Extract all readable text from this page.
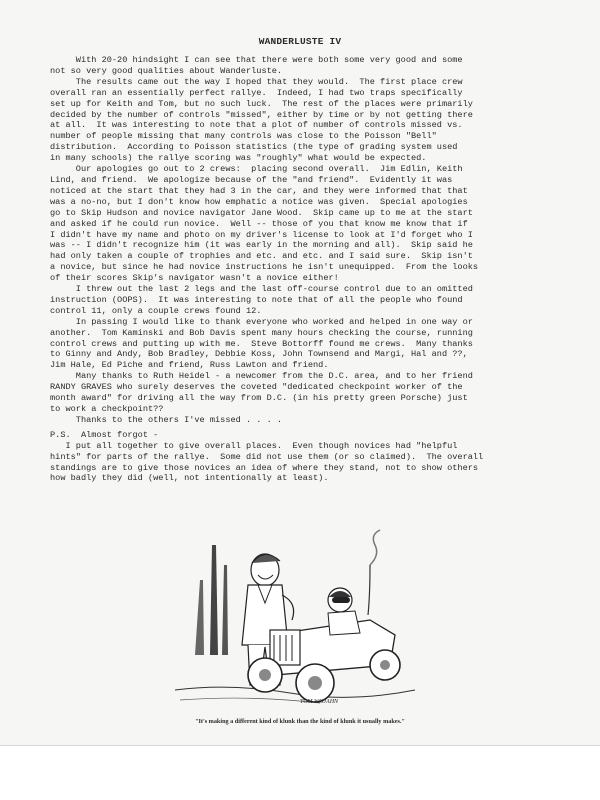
WANDERLUSTE IV
With 20-20 hindsight I can see that there were both some very good and some
not so very good qualities about Wanderluste.
The results came out the way I hoped that they would.  The first place crew
overall ran an essentially perfect rallye.  Indeed, I had two traps specifically
set up for Keith and Tom, but no such luck.  The rest of the places were primarily
decided by the number of controls "missed", either by time or by not getting there
at all.  It was interesting to note that a plot of number of controls missed vs.
number of people missing that many controls was close to the Poisson "Bell"
distribution.  According to Poisson statistics (the type of grading system used
in many schools) the rallye scoring was "roughly" what would be expected.
Our apologies go out to 2 crews:  placing second overall.  Jim Edlin, Keith
Lind, and friend.  We apologize because of the "and friend".  Evidently it was
noticed at the start that they had 3 in the car, and they were informed that that
was a no-no, but I don't know how emphatic a notice was given.  Special apologies
go to Skip Hudson and novice navigator Jane Wood.  Skip came up to me at the start
and asked if he could run novice.  Well -- those of you that know me know that if
I didn't have my name and photo on my driver's license to look at I'd forget who I
was -- I didn't recognize him (it was early in the morning and all).  Skip said he
had only taken a couple of trophies and etc. and etc. and I said sure.  Skip isn't
a novice, but since he had novice instructions he isn't unequipped.  From the looks
of their scores Skip's navigator wasn't a novice either!
I threw out the last 2 legs and the last off-course control due to an omitted
instruction (OOPS).  It was interesting to note that of all the people who found
control 11, only a couple crews found 12.
In passing I would like to thank everyone who worked and helped in one way or
another.  Tom Kaminski and Bob Davis spent many hours checking the course, running
control crews and putting up with me.  Steve Bottorff found me crews.  Many thanks
to Ginny and Andy, Bob Bradley, Debbie Koss, John Townsend and Margi, Hal and ??,
Jim Hale, Ed Piche and friend, Russ Lawton and friend.
Many thanks to Ruth Heidel - a newcomer from the D.C. area, and to her friend
RANDY GRAVES who surely deserves the coveted "dedicated checkpoint worker of the
month award" for driving all the way from D.C. (in his pretty green Porsche) just
to work a checkpoint??
Thanks to the others I've missed . . . .
P.S.  Almost forgot -
I put all together to give overall places.  Even though novices had "helpful
hints" for parts of the rallye.  Some did not use them (or so claimed).  The overall
standings are to give those novices an idea of where they stand, not to show others
how badly they did (well, not intentionally at least).
TOM WOJAHN
"It's making a different kind of klunk than the kind of klunk it usually makes."
